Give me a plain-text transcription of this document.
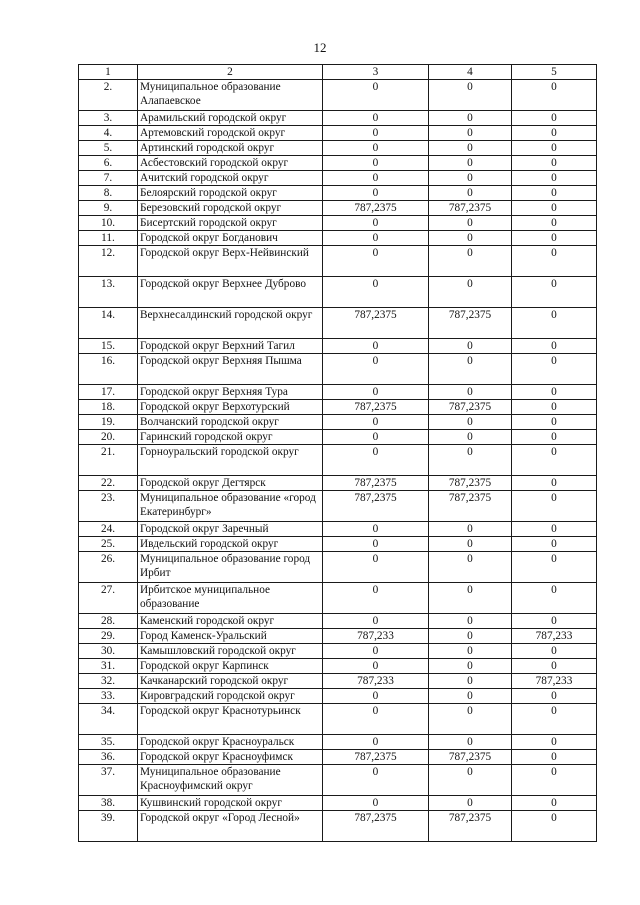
12
1	2	3	4	5
2.	Муниципальное образование Алапаевское	0	0	0
3.	Арамильский городской округ	0	0	0
4.	Артемовский городской округ	0	0	0
5.	Артинский городской округ	0	0	0
6.	Асбестовский городской округ	0	0	0
7.	Ачитский городской округ	0	0	0
8.	Белоярский городской округ	0	0	0
9.	Березовский городской округ	787,2375	787,2375	0
10.	Бисертский городской округ	0	0	0
11.	Городской округ Богданович	0	0	0
12.	Городской округ Верх-Нейвинский	0	0	0
13.	Городской округ Верхнее Дуброво	0	0	0
14.	Верхнесалдинский городской округ	787,2375	787,2375	0
15.	Городской округ Верхний Тагил	0	0	0
16.	Городской округ Верхняя Пышма	0	0	0
17.	Городской округ Верхняя Тура	0	0	0
18.	Городской округ Верхотурский	787,2375	787,2375	0
19.	Волчанский городской округ	0	0	0
20.	Гаринский городской округ	0	0	0
21.	Горноуральский городской округ	0	0	0
22.	Городской округ Дегтярск	787,2375	787,2375	0
23.	Муниципальное образование «город Екатеринбург»	787,2375	787,2375	0
24.	Городской округ Заречный	0	0	0
25.	Ивдельский городской округ	0	0	0
26.	Муниципальное образование город Ирбит	0	0	0
27.	Ирбитское муниципальное образование	0	0	0
28.	Каменский городской округ	0	0	0
29.	Город Каменск-Уральский	787,233	0	787,233
30.	Камышловский городской округ	0	0	0
31.	Городской округ Карпинск	0	0	0
32.	Качканарский городской округ	787,233	0	787,233
33.	Кировградский городской округ	0	0	0
34.	Городской округ Краснотурьинск	0	0	0
35.	Городской округ Красноуральск	0	0	0
36.	Городской округ Красноуфимск	787,2375	787,2375	0
37.	Муниципальное образование Красноуфимский округ	0	0	0
38.	Кушвинский городской округ	0	0	0
39.	Городской округ «Город Лесной»	787,2375	787,2375	0
